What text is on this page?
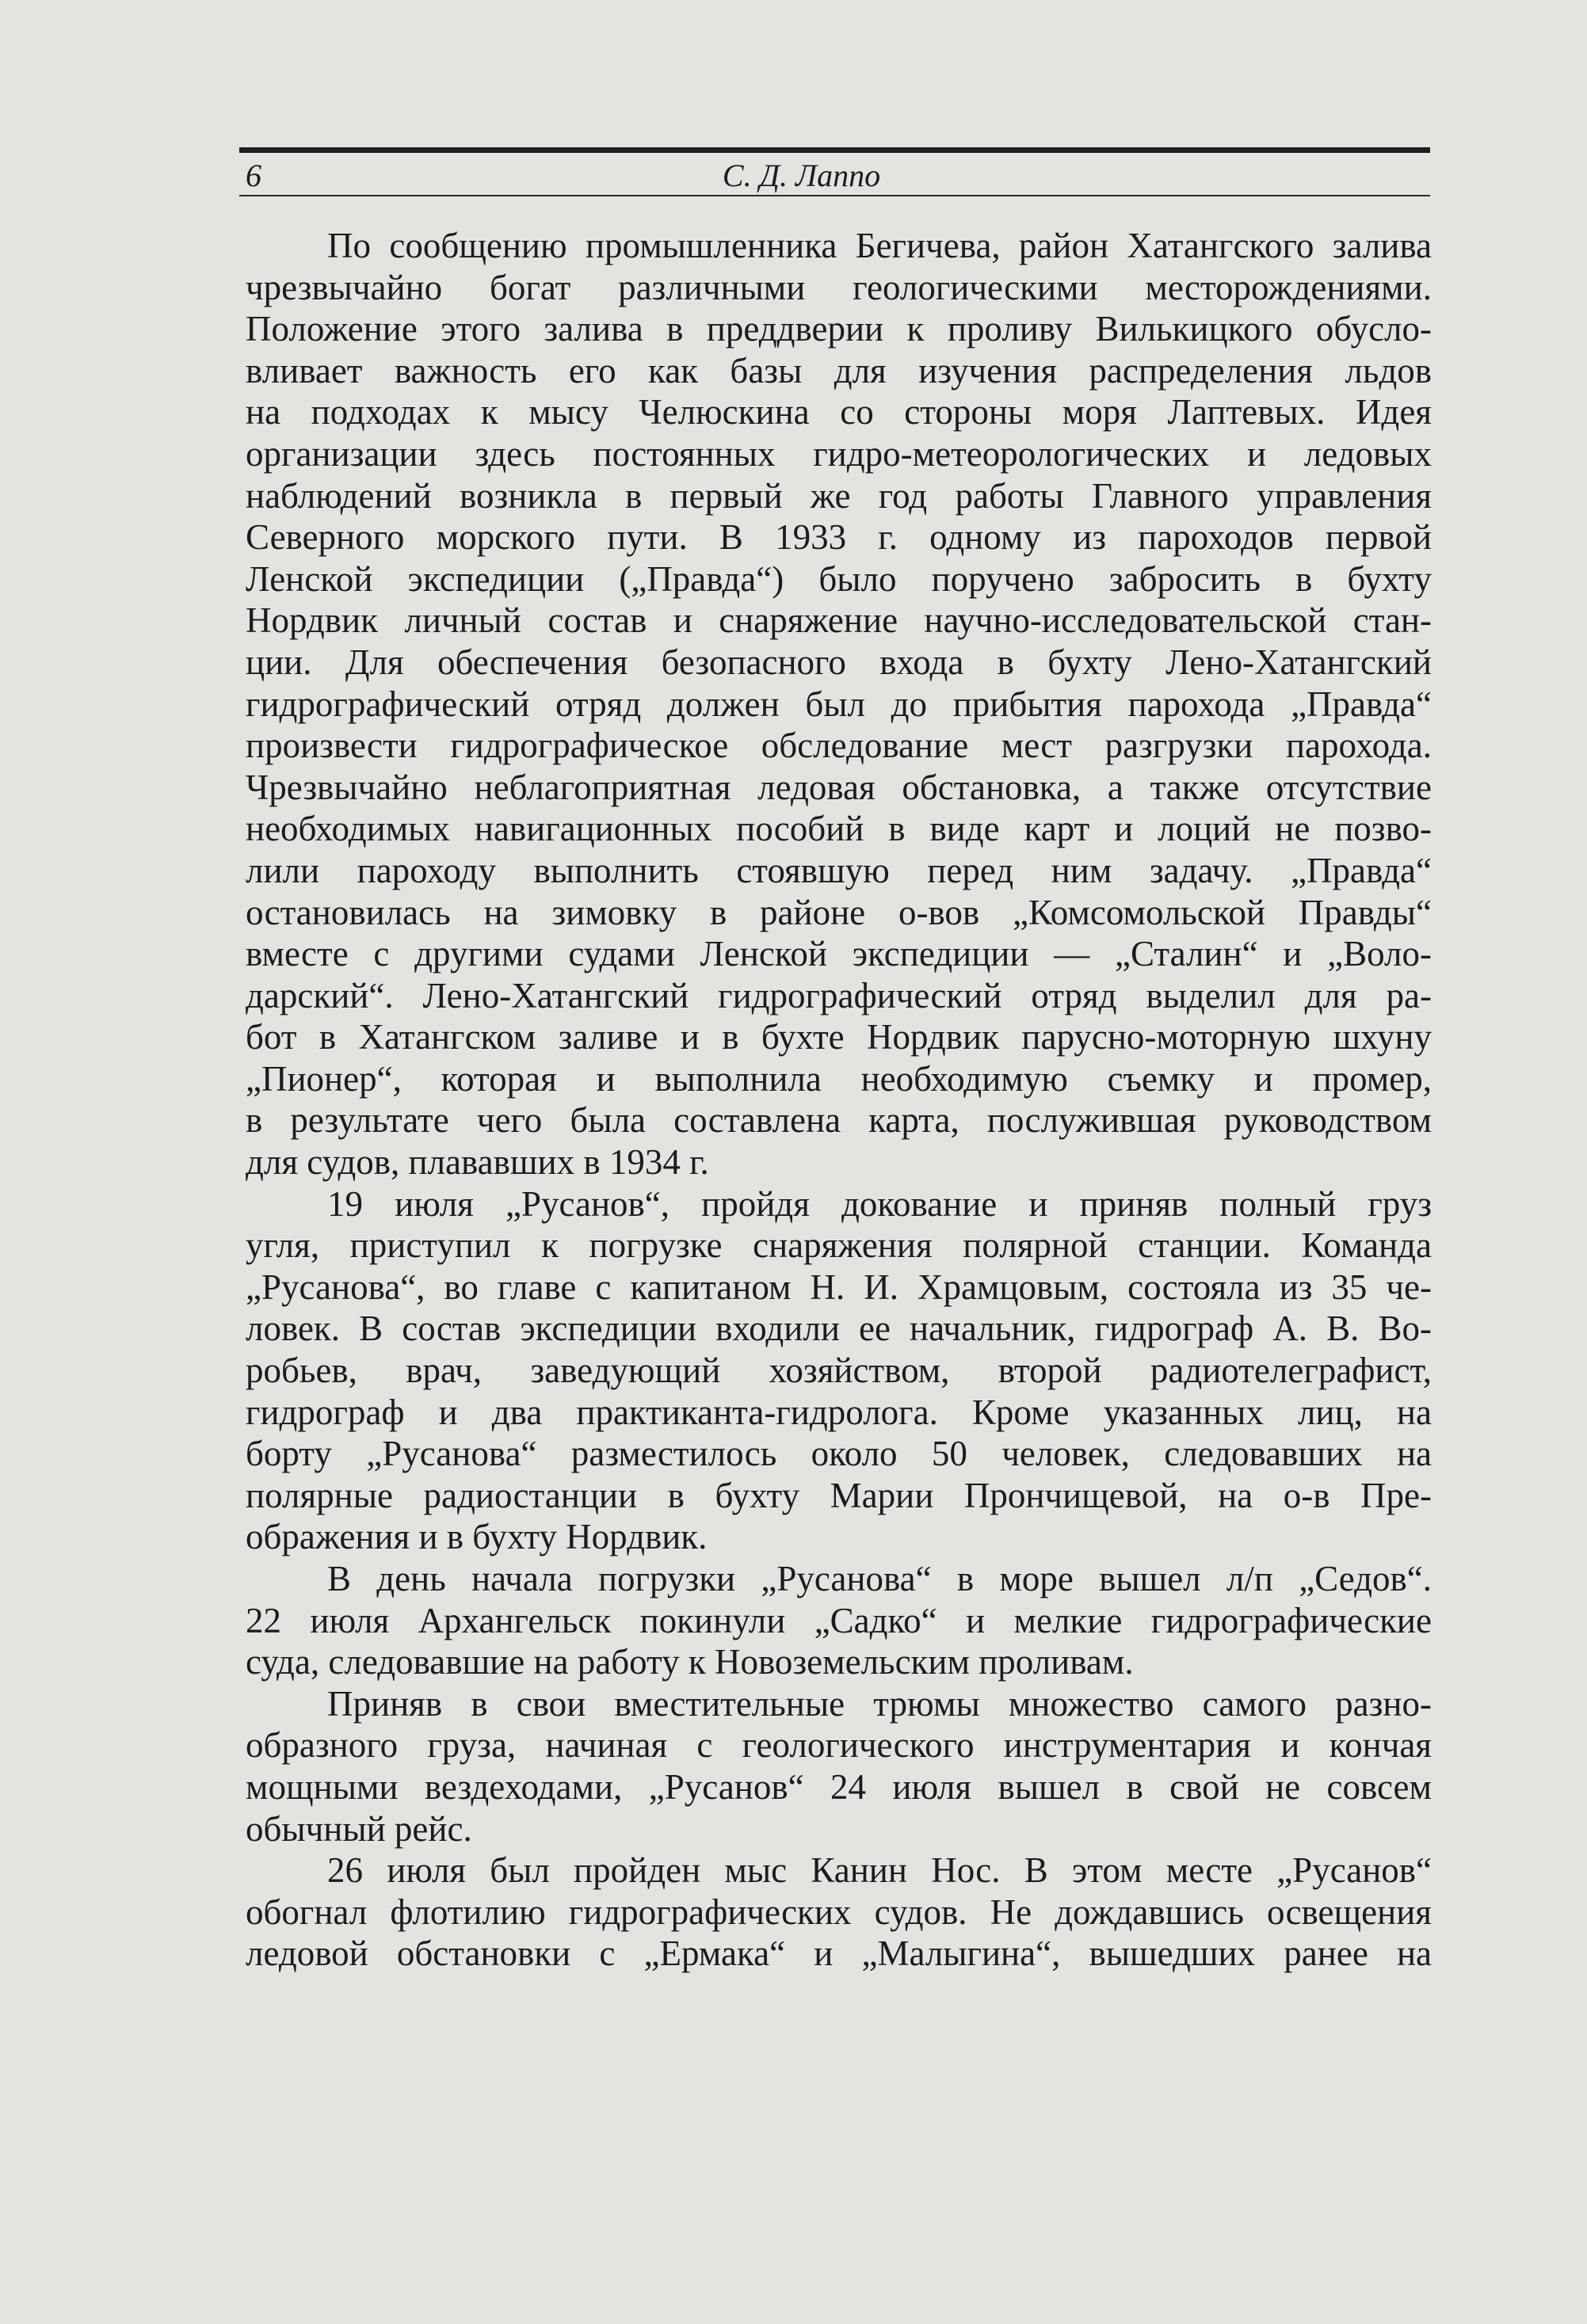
6	С. Д. Лаппо
По сообщению промышленника Бегичева, район Хатангского залива
чрезвычайно богат различными геологическими месторождениями.
Положение этого залива в преддверии к проливу Вилькицкого обусло-
вливает важность его как базы для изучения распределения льдов
на подходах к мысу Челюскина со стороны моря Лаптевых. Идея
организации здесь постоянных гидро-метеорологических и ледовых
наблюдений возникла в первый же год работы Главного управления
Северного морского пути. В 1933 г. одному из пароходов первой
Ленской экспедиции („Правда“) было поручено забросить в бухту
Нордвик личный состав и снаряжение научно-исследовательской стан-
ции. Для обеспечения безопасного входа в бухту Лено-Хатангский
гидрографический отряд должен был до прибытия парохода „Правда“
произвести гидрографическое обследование мест разгрузки парохода.
Чрезвычайно неблагоприятная ледовая обстановка, а также отсутствие
необходимых навигационных пособий в виде карт и лоций не позво-
лили пароходу выполнить стоявшую перед ним задачу. „Правда“
остановилась на зимовку в районе о-вов „Комсомольской Правды“
вместе с другими судами Ленской экспедиции — „Сталин“ и „Воло-
дарский“. Лено-Хатангский гидрографический отряд выделил для ра-
бот в Хатангском заливе и в бухте Нордвик парусно-моторную шхуну
„Пионер“, которая и выполнила необходимую съемку и промер,
в результате чего была составлена карта, послужившая руководством
для судов, плававших в 1934 г.
19 июля „Русанов“, пройдя докование и приняв полный груз
угля, приступил к погрузке снаряжения полярной станции. Команда
„Русанова“, во главе с капитаном Н. И. Храмцовым, состояла из 35 че-
ловек. В состав экспедиции входили ее начальник, гидрограф А. В. Во-
робьев, врач, заведующий хозяйством, второй радиотелеграфист,
гидрограф и два практиканта-гидролога. Кроме указанных лиц, на
борту „Русанова“ разместилось около 50 человек, следовавших на
полярные радиостанции в бухту Марии Прончищевой, на о-в Пре-
ображения и в бухту Нордвик.
В день начала погрузки „Русанова“ в море вышел л/п „Седов“.
22 июля Архангельск покинули „Садко“ и мелкие гидрографические
суда, следовавшие на работу к Новоземельским проливам.
Приняв в свои вместительные трюмы множество самого разно-
образного груза, начиная с геологического инструментария и кончая
мощными вездеходами, „Русанов“ 24 июля вышел в свой не совсем
обычный рейс.
26 июля был пройден мыс Канин Нос. В этом месте „Русанов“
обогнал флотилию гидрографических судов. Не дождавшись освещения
ледовой обстановки с „Ермака“ и „Малыгина“, вышедших ранее на
